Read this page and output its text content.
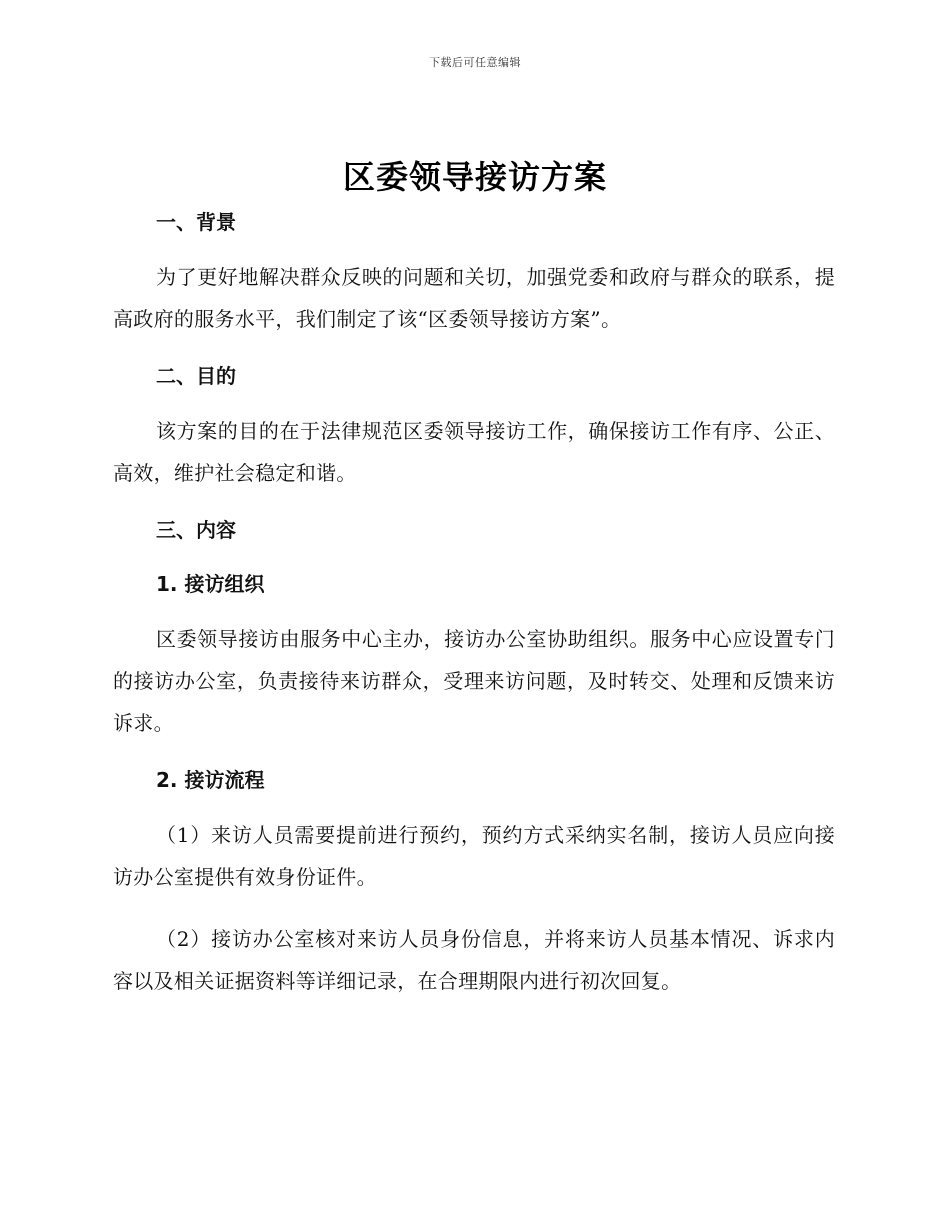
下载后可任意编辑
区委领导接访方案
一、背景

为了更好地解决群众反映的问题和关切，加强党委和政府与群众的联系，提高政府的服务水平，我们制定了该“区委领导接访方案”。

二、目的

该方案的目的在于法律规范区委领导接访工作，确保接访工作有序、公正、高效，维护社会稳定和谐。

三、内容
1. 接访组织

区委领导接访由服务中心主办，接访办公室协助组织。服务中心应设置专门的接访办公室，负责接待来访群众，受理来访问题，及时转交、处理和反馈来访诉求。

2. 接访流程

（1）来访人员需要提前进行预约，预约方式采纳实名制，接访人员应向接访办公室提供有效身份证件。

（2）接访办公室核对来访人员身份信息，并将来访人员基本情况、诉求内容以及相关证据资料等详细记录，在合理期限内进行初次回复。
